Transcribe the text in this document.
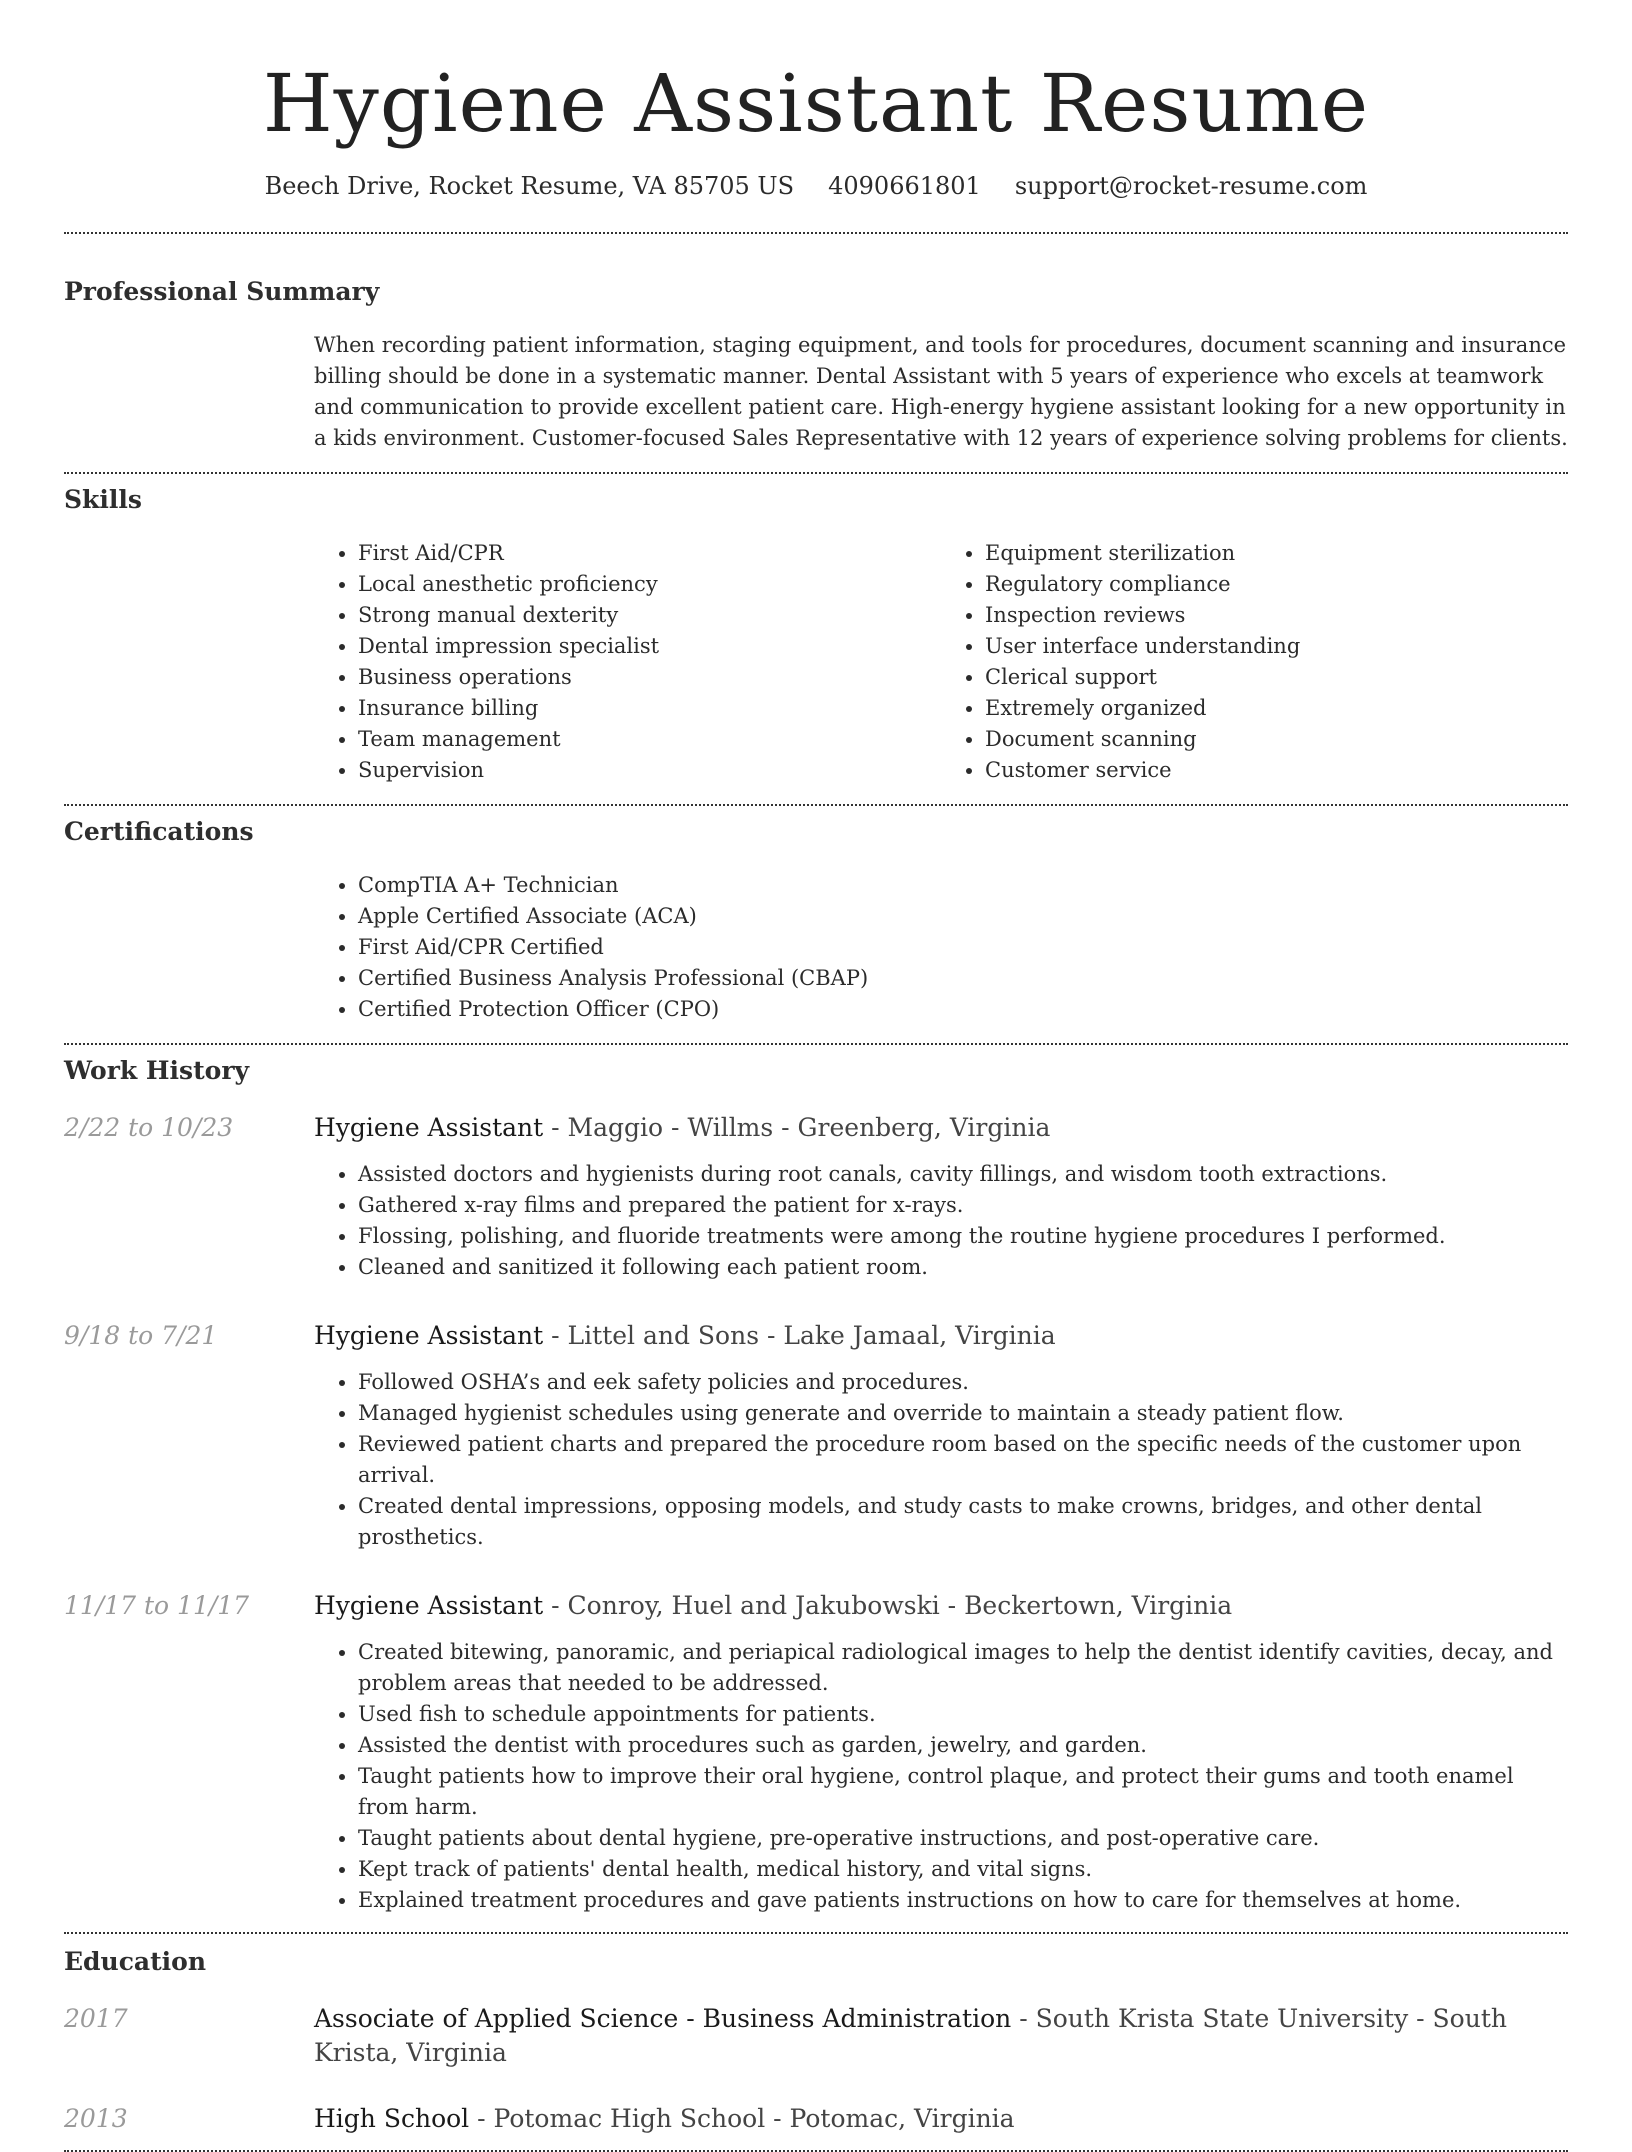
Hygiene Assistant Resume
Beech Drive, Rocket Resume, VA 85705 US 4090661801 support@rocket-resume.com
Professional Summary

When recording patient information, staging equipment, and tools for procedures, document scanning and insurance billing should be done in a systematic manner. Dental Assistant with 5 years of experience who excels at teamwork and communication to provide excellent patient care. High-energy hygiene assistant looking for a new opportunity in a kids environment. Customer-focused Sales Representative with 12 years of experience solving problems for clients.

Skills
• First Aid/CPR
• Local anesthetic proficiency
• Strong manual dexterity
• Dental impression specialist
• Business operations
• Insurance billing
• Team management
• Supervision
• Equipment sterilization
• Regulatory compliance
• Inspection reviews
• User interface understanding
• Clerical support
• Extremely organized
• Document scanning
• Customer service
Certifications
• CompTIA A+ Technician
• Apple Certified Associate (ACA)
• First Aid/CPR Certified
• Certified Business Analysis Professional (CBAP)
• Certified Protection Officer (CPO)
Work History
2/22 to 10/23	Hygiene Assistant - Maggio - Willms - Greenberg, Virginia
• Assisted doctors and hygienists during root canals, cavity fillings, and wisdom tooth extractions.
• Gathered x-ray films and prepared the patient for x-rays.
• Flossing, polishing, and fluoride treatments were among the routine hygiene procedures I performed.
• Cleaned and sanitized it following each patient room.
9/18 to 7/21	Hygiene Assistant - Littel and Sons - Lake Jamaal, Virginia
• Followed OSHA’s and eek safety policies and procedures.
• Managed hygienist schedules using generate and override to maintain a steady patient flow.
• Reviewed patient charts and prepared the procedure room based on the specific needs of the customer upon arrival.
• Created dental impressions, opposing models, and study casts to make crowns, bridges, and other dental prosthetics.
11/17 to 11/17	Hygiene Assistant - Conroy, Huel and Jakubowski - Beckertown, Virginia
• Created bitewing, panoramic, and periapical radiological images to help the dentist identify cavities, decay, and problem areas that needed to be addressed.
• Used fish to schedule appointments for patients.
• Assisted the dentist with procedures such as garden, jewelry, and garden.
• Taught patients how to improve their oral hygiene, control plaque, and protect their gums and tooth enamel from harm.
• Taught patients about dental hygiene, pre-operative instructions, and post-operative care.
• Kept track of patients' dental health, medical history, and vital signs.
• Explained treatment procedures and gave patients instructions on how to care for themselves at home.
Education
2017	Associate of Applied Science - Business Administration - South Krista State University - South Krista, Virginia
2013	High School - Potomac High School - Potomac, Virginia
